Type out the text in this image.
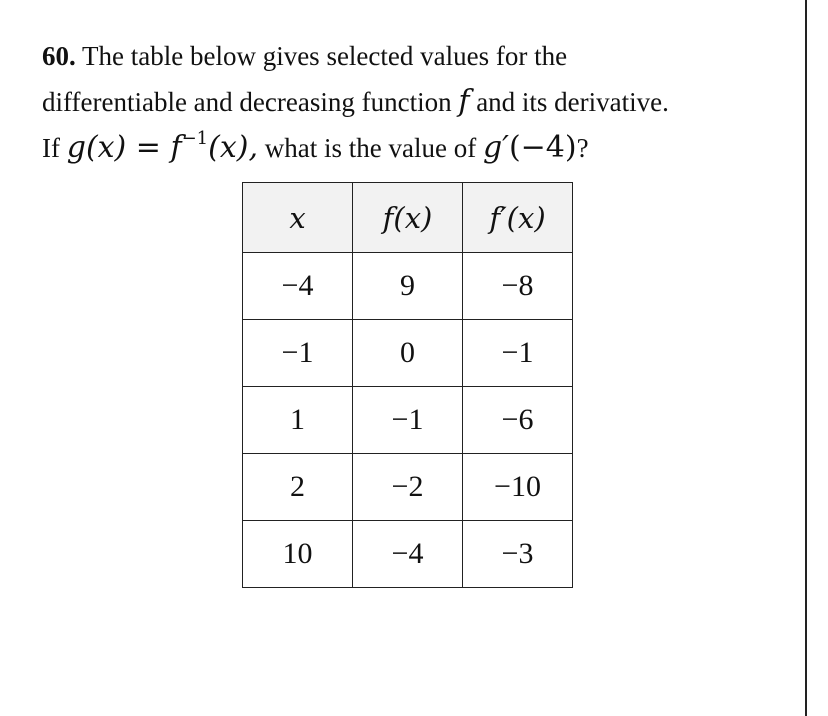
60. The table below gives selected values for the
differentiable and decreasing function f and its derivative.
If $g(x) = f^{-1}(x)$, what is the value of g′(−4)?
x	f(x)	f′(x)
−4	9	−8
−1	0	−1
1	−1	−6
2	−2	−10
10	−4	−3
